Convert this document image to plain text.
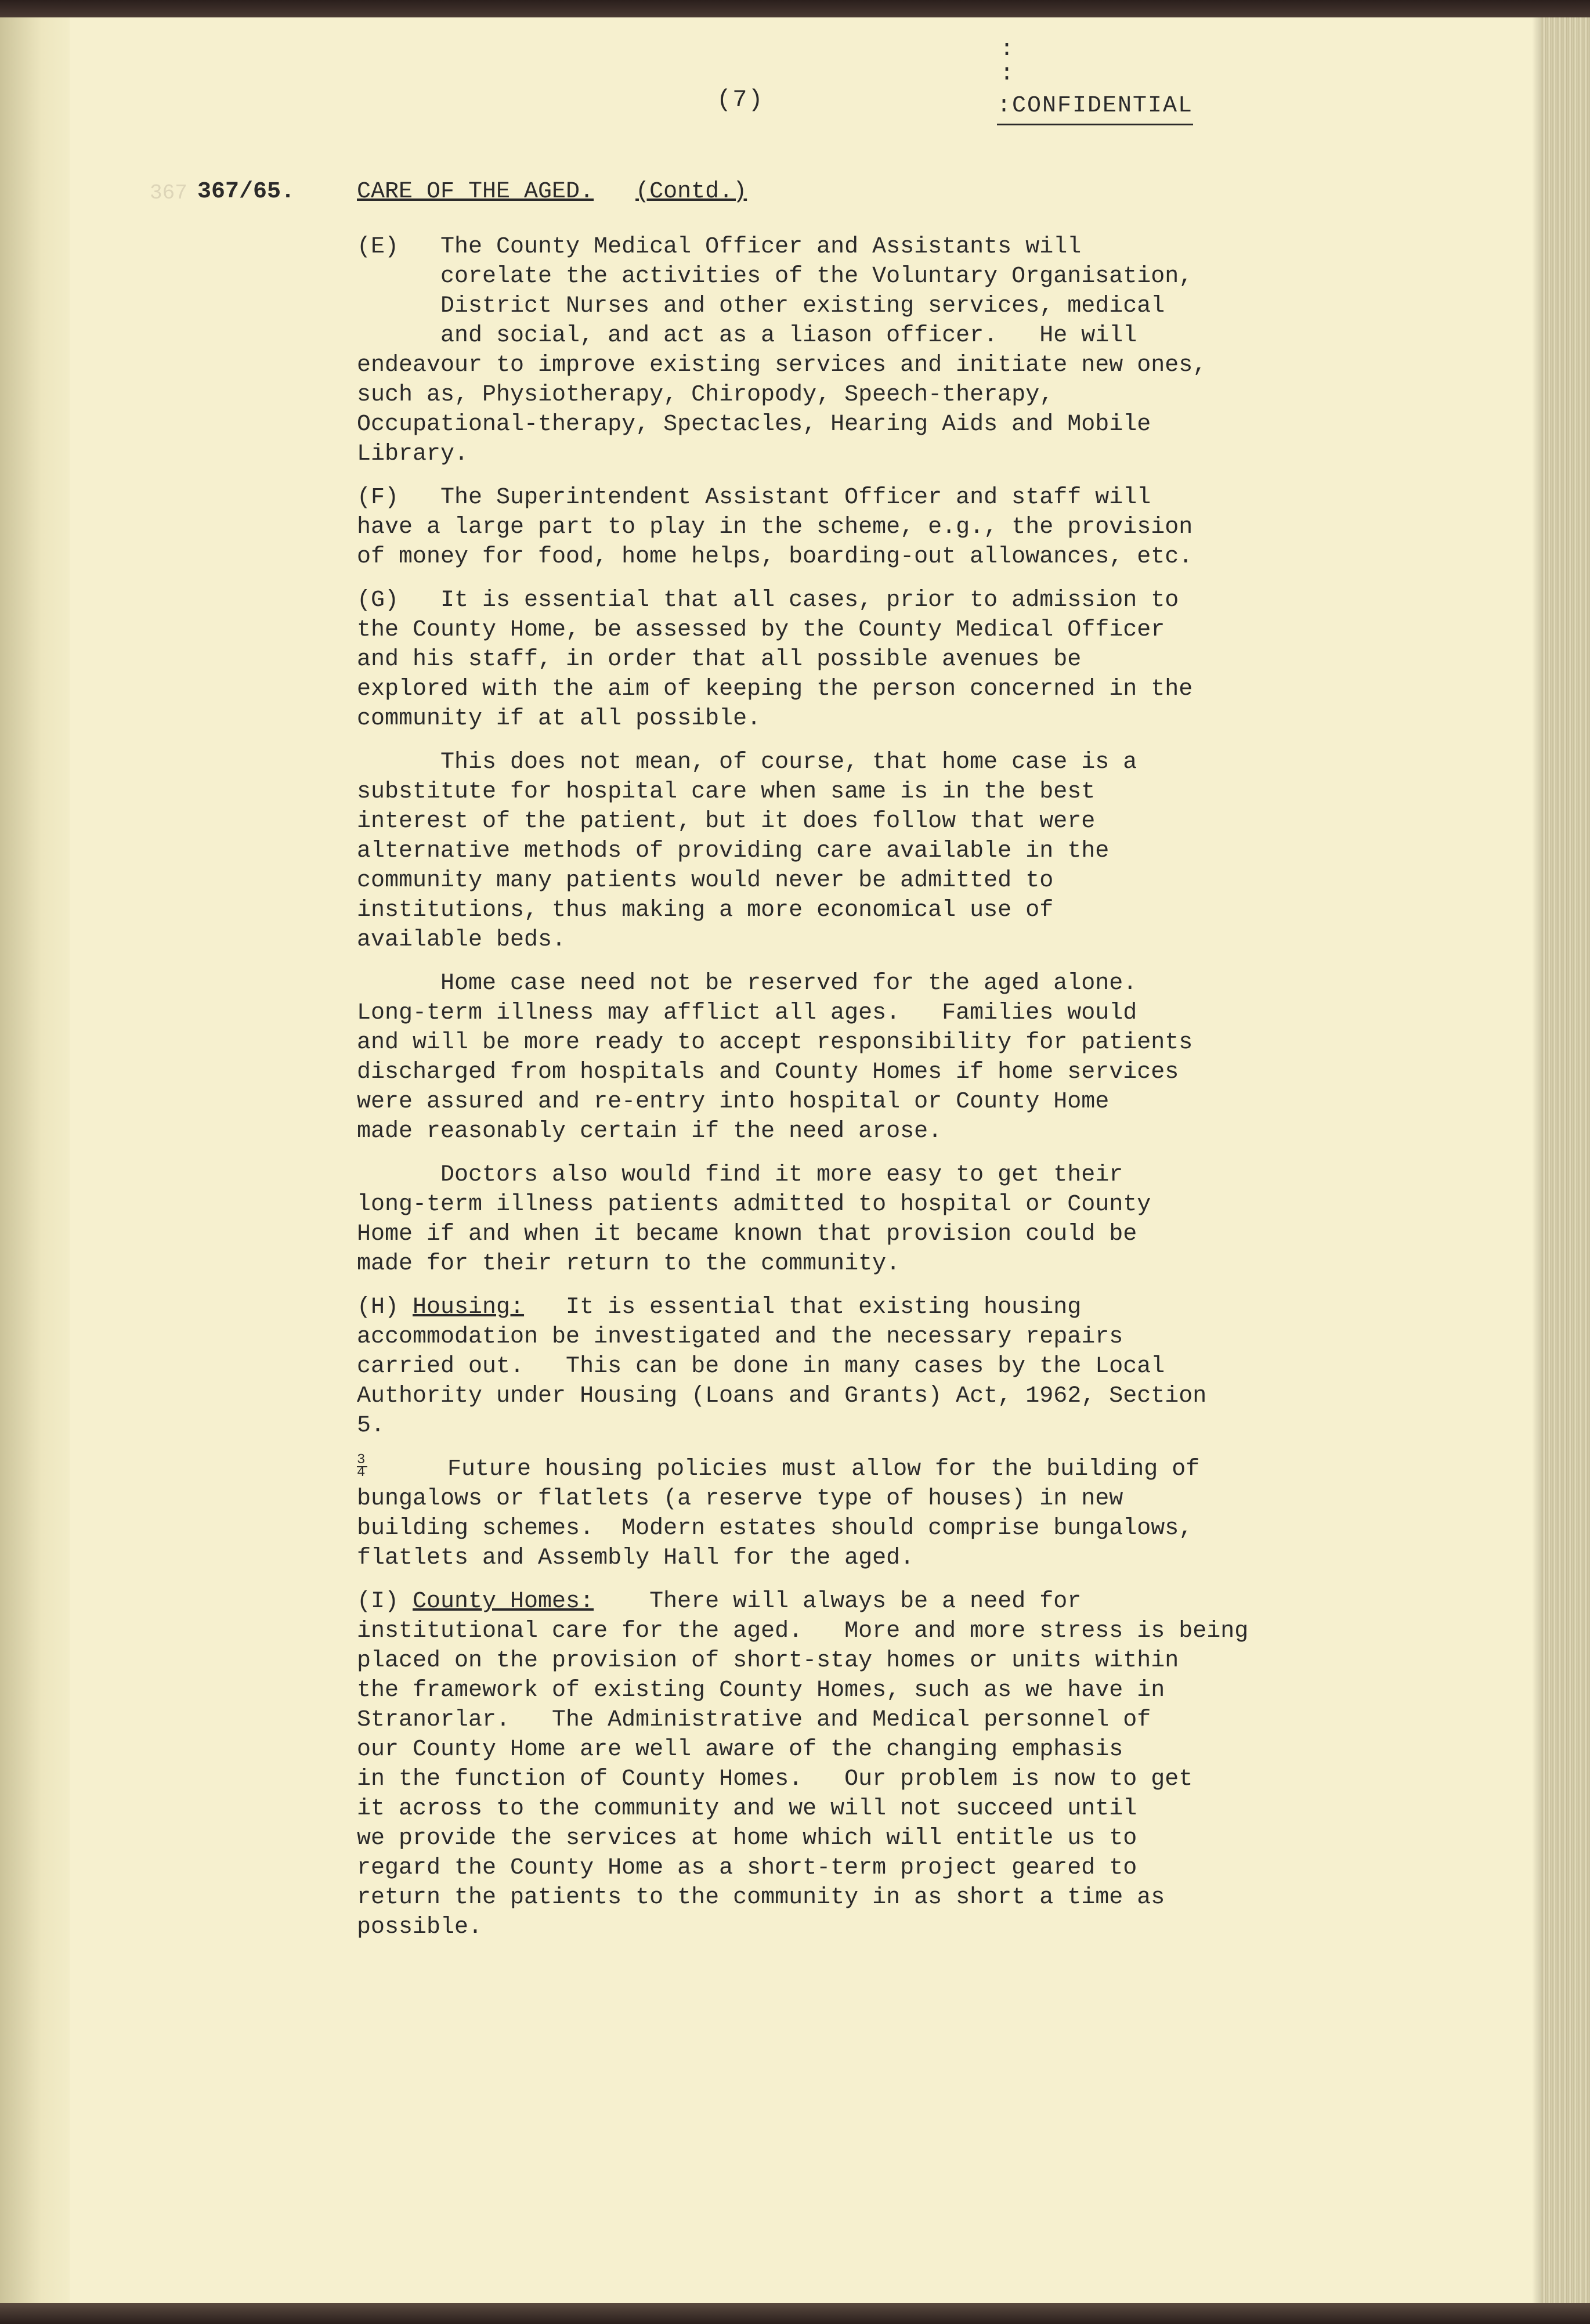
(7)
:
:
:CONFIDENTIAL
367 367/65.	CARE OF THE AGED. (Contd.)
(E)   The County Medical Officer and Assistants will
corelate the activities of the Voluntary Organisation,
District Nurses and other existing services, medical
and social, and act as a liason officer.   He will
endeavour to improve existing services and initiate new ones,
such as, Physiotherapy, Chiropody, Speech-therapy,
Occupational-therapy, Spectacles, Hearing Aids and Mobile
Library.
(F)   The Superintendent Assistant Officer and staff will
have a large part to play in the scheme, e.g., the provision
of money for food, home helps, boarding-out allowances, etc.
(G)   It is essential that all cases, prior to admission to
the County Home, be assessed by the County Medical Officer
and his staff, in order that all possible avenues be
explored with the aim of keeping the person concerned in the
community if at all possible.
This does not mean, of course, that home case is a
substitute for hospital care when same is in the best
interest of the patient, but it does follow that were
alternative methods of providing care available in the
community many patients would never be admitted to
institutions, thus making a more economical use of
available beds.
Home case need not be reserved for the aged alone.
Long-term illness may afflict all ages.   Families would
and will be more ready to accept responsibility for patients
discharged from hospitals and County Homes if home services
were assured and re-entry into hospital or County Home
made reasonably certain if the need arose.
Doctors also would find it more easy to get their
long-term illness patients admitted to hospital or County
Home if and when it became known that provision could be
made for their return to the community.
(H) Housing:   It is essential that existing housing
accommodation be investigated and the necessary repairs
carried out.   This can be done in many cases by the Local
Authority under Housing (Loans and Grants) Act, 1962, Section
5.
$\frac{3}{4}$ Future housing policies must allow for the building of
bungalows or flatlets (a reserve type of houses) in new
building schemes.  Modern estates should comprise bungalows,
flatlets and Assembly Hall for the aged.
(I) County Homes:    There will always be a need for
institutional care for the aged.   More and more stress is being
placed on the provision of short-stay homes or units within
the framework of existing County Homes, such as we have in
Stranorlar.   The Administrative and Medical personnel of
our County Home are well aware of the changing emphasis
in the function of County Homes.   Our problem is now to get
it across to the community and we will not succeed until
we provide the services at home which will entitle us to
regard the County Home as a short-term project geared to
return the patients to the community in as short a time as
possible.
